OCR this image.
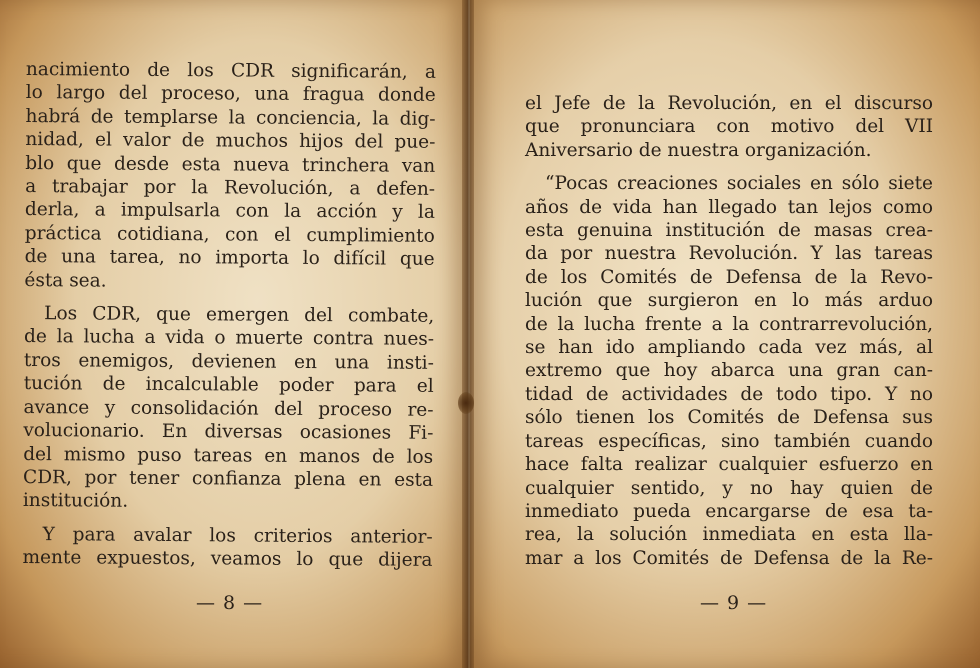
nacimiento de los CDR significarán, a
lo largo del proceso, una fragua donde
habrá de templarse la conciencia, la dig-
nidad, el valor de muchos hijos del pue-
blo que desde esta nueva trinchera van
a trabajar por la Revolución, a defen-
derla, a impulsarla con la acción y la
práctica cotidiana, con el cumplimiento
de una tarea, no importa lo difícil que
ésta sea.
Los CDR, que emergen del combate,
de la lucha a vida o muerte contra nues-
tros enemigos, devienen en una insti-
tución de incalculable poder para el
avance y consolidación del proceso re-
volucionario. En diversas ocasiones Fi-
del mismo puso tareas en manos de los
CDR, por tener confianza plena en esta
institución.
Y para avalar los criterios anterior-
mente expuestos, veamos lo que dijera
— 8 —
el Jefe de la Revolución, en el discurso
que pronunciara con motivo del VII
Aniversario de nuestra organización.
“Pocas creaciones sociales en sólo siete
años de vida han llegado tan lejos como
esta genuina institución de masas crea-
da por nuestra Revolución. Y las tareas
de los Comités de Defensa de la Revo-
lución que surgieron en lo más arduo
de la lucha frente a la contrarrevolución,
se han ido ampliando cada vez más, al
extremo que hoy abarca una gran can-
tidad de actividades de todo tipo. Y no
sólo tienen los Comités de Defensa sus
tareas específicas, sino también cuando
hace falta realizar cualquier esfuerzo en
cualquier sentido, y no hay quien de
inmediato pueda encargarse de esa ta-
rea, la solución inmediata en esta lla-
mar a los Comités de Defensa de la Re-
— 9 —
